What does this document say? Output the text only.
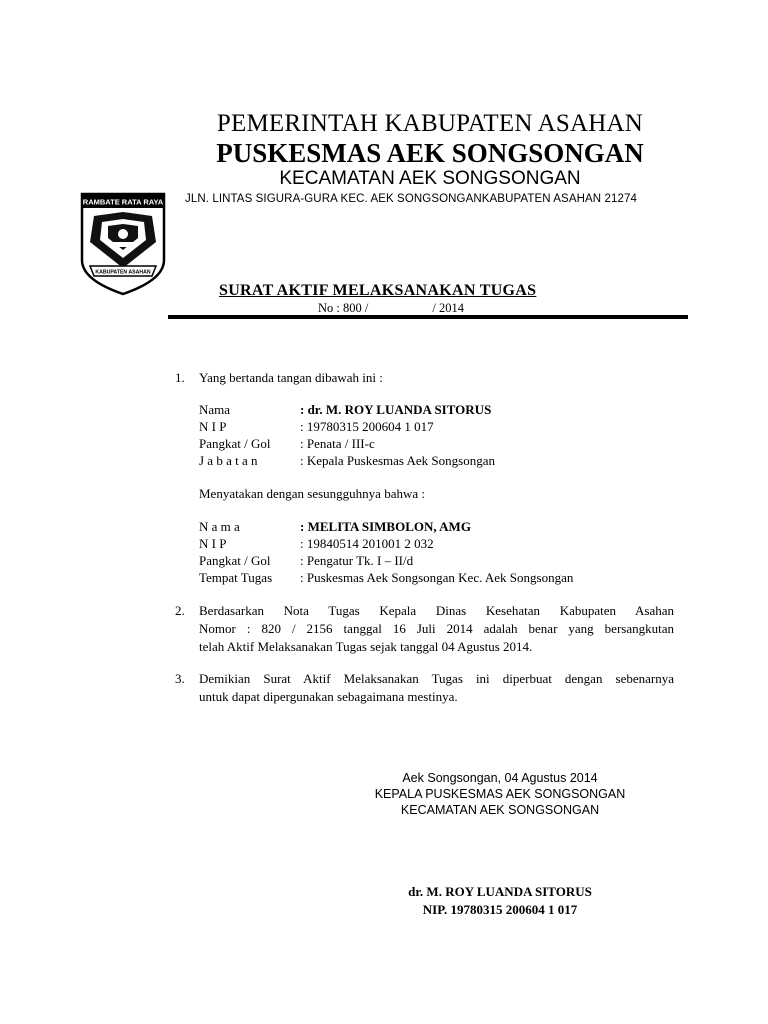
PEMERINTAH KABUPATEN ASAHAN
PUSKESMAS AEK SONGSONGAN
KECAMATAN AEK SONGSONGAN
JLN. LINTAS SIGURA-GURA KEC. AEK SONGSONGANKABUPATEN ASAHAN 21274
RAMBATE RATA RAYA
KABUPATEN ASAHAN
SURAT AKTIF MELAKSANAKAN TUGAS
No : 800 /	/ 2014
1. Yang bertanda tangan dibawah ini :
Nama	: dr. M. ROY LUANDA SITORUS
N I P	: 19780315 200604 1 017
Pangkat / Gol : Penata / III-c
J a b a t a n	: Kepala Puskesmas Aek Songsongan
Menyatakan dengan sesungguhnya bahwa :
N a m a	: MELITA SIMBOLON, AMG
N I P	: 19840514 201001 2 032
Pangkat / Gol : Pengatur Tk. I – II/d
Tempat Tugas : Puskesmas Aek Songsongan Kec. Aek Songsongan
2. Berdasarkan Nota Tugas Kepala Dinas Kesehatan Kabupaten Asahan
Nomor : 820 / 2156 tanggal 16 Juli 2014 adalah benar yang bersangkutan
telah Aktif Melaksanakan Tugas sejak tanggal 04 Agustus 2014.
3. Demikian Surat Aktif Melaksanakan Tugas ini diperbuat dengan sebenarnya
untuk dapat dipergunakan sebagaimana mestinya.
Aek Songsongan, 04 Agustus 2014
KEPALA PUSKESMAS AEK SONGSONGAN
KECAMATAN AEK SONGSONGAN
dr. M. ROY LUANDA SITORUS
NIP. 19780315 200604 1 017
